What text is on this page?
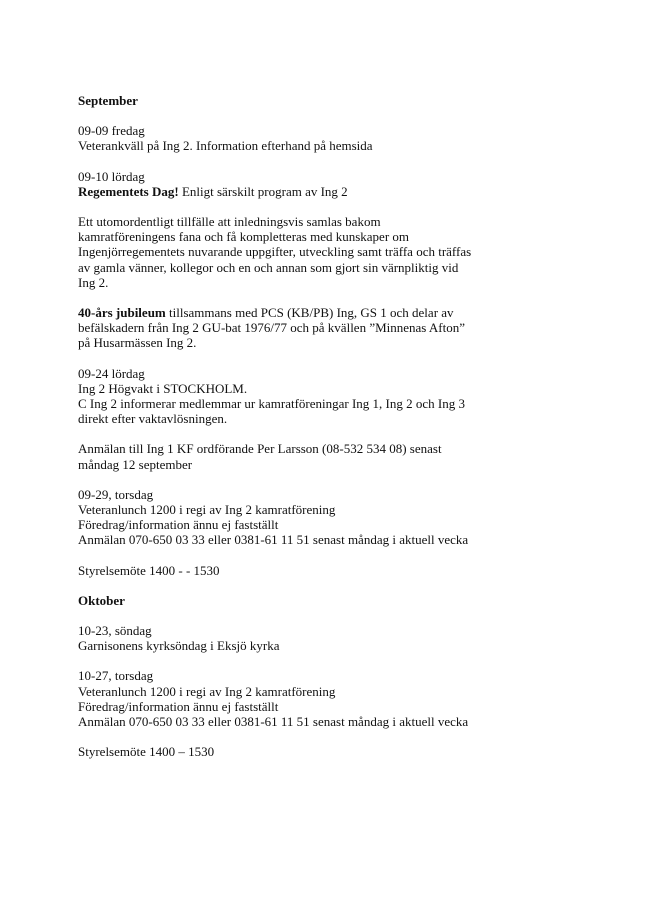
September
09-09 fredag
Veterankväll på Ing 2. Information efterhand på hemsida
09-10 lördag
Regementets Dag! Enligt särskilt program av Ing 2
Ett utomordentligt tillfälle att inledningsvis samlas bakom
kamratföreningens fana och få kompletteras med kunskaper om
Ingenjörregementets nuvarande uppgifter, utveckling samt träffa och träffas
av gamla vänner, kollegor och en och annan som gjort sin värnpliktig vid
Ing 2.
40-års jubileum tillsammans med PCS (KB/PB) Ing, GS 1 och delar av
befälskadern från Ing 2 GU-bat 1976/77 och på kvällen ”Minnenas Afton”
på Husarmässen Ing 2.
09-24 lördag
Ing 2 Högvakt i STOCKHOLM.
C Ing 2 informerar medlemmar ur kamratföreningar Ing 1, Ing 2 och Ing 3
direkt efter vaktavlösningen.
Anmälan till Ing 1 KF ordförande Per Larsson (08-532 534 08) senast
måndag 12 september
09-29, torsdag
Veteranlunch 1200 i regi av Ing 2 kamratförening
Föredrag/information ännu ej fastställt
Anmälan 070-650 03 33 eller 0381-61 11 51 senast måndag i aktuell vecka
Styrelsemöte 1400 - - 1530
Oktober
10-23, söndag
Garnisonens kyrksöndag i Eksjö kyrka
10-27, torsdag
Veteranlunch 1200 i regi av Ing 2 kamratförening
Föredrag/information ännu ej fastställt
Anmälan 070-650 03 33 eller 0381-61 11 51 senast måndag i aktuell vecka
Styrelsemöte 1400 – 1530
